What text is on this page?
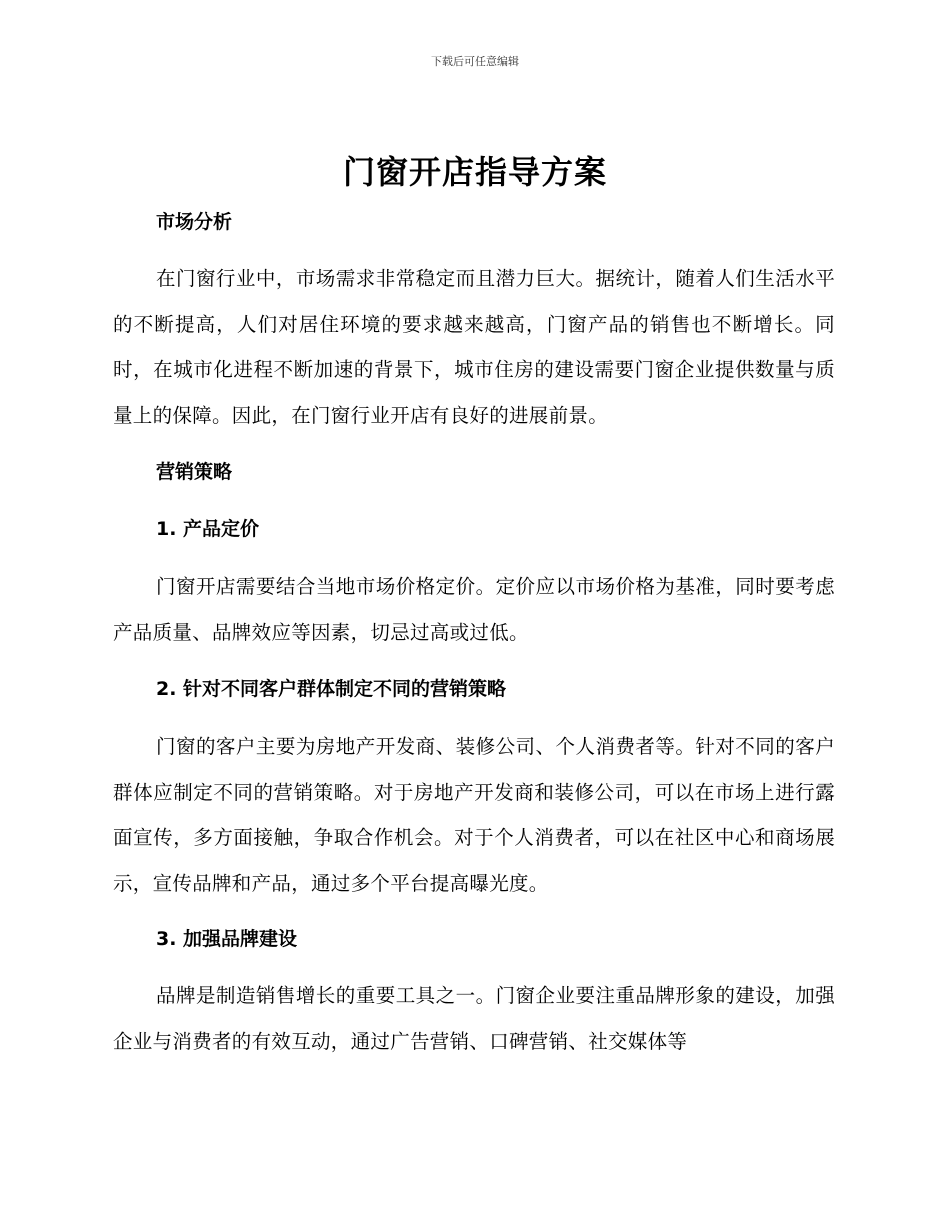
下载后可任意编辑
门窗开店指导方案
市场分析
在门窗行业中，市场需求非常稳定而且潜力巨大。据统计，随着人们生活水平的不断提高，人们对居住环境的要求越来越高，门窗产品的销售也不断增长。同时，在城市化进程不断加速的背景下，城市住房的建设需要门窗企业提供数量与质量上的保障。因此，在门窗行业开店有良好的进展前景。
营销策略
1. 产品定价
门窗开店需要结合当地市场价格定价。定价应以市场价格为基准，同时要考虑产品质量、品牌效应等因素，切忌过高或过低。
2. 针对不同客户群体制定不同的营销策略
门窗的客户主要为房地产开发商、装修公司、个人消费者等。针对不同的客户群体应制定不同的营销策略。对于房地产开发商和装修公司，可以在市场上进行露面宣传，多方面接触，争取合作机会。对于个人消费者，可以在社区中心和商场展示，宣传品牌和产品，通过多个平台提高曝光度。
3. 加强品牌建设
品牌是制造销售增长的重要工具之一。门窗企业要注重品牌形象的建设，加强企业与消费者的有效互动，通过广告营销、口碑营销、社交媒体等
